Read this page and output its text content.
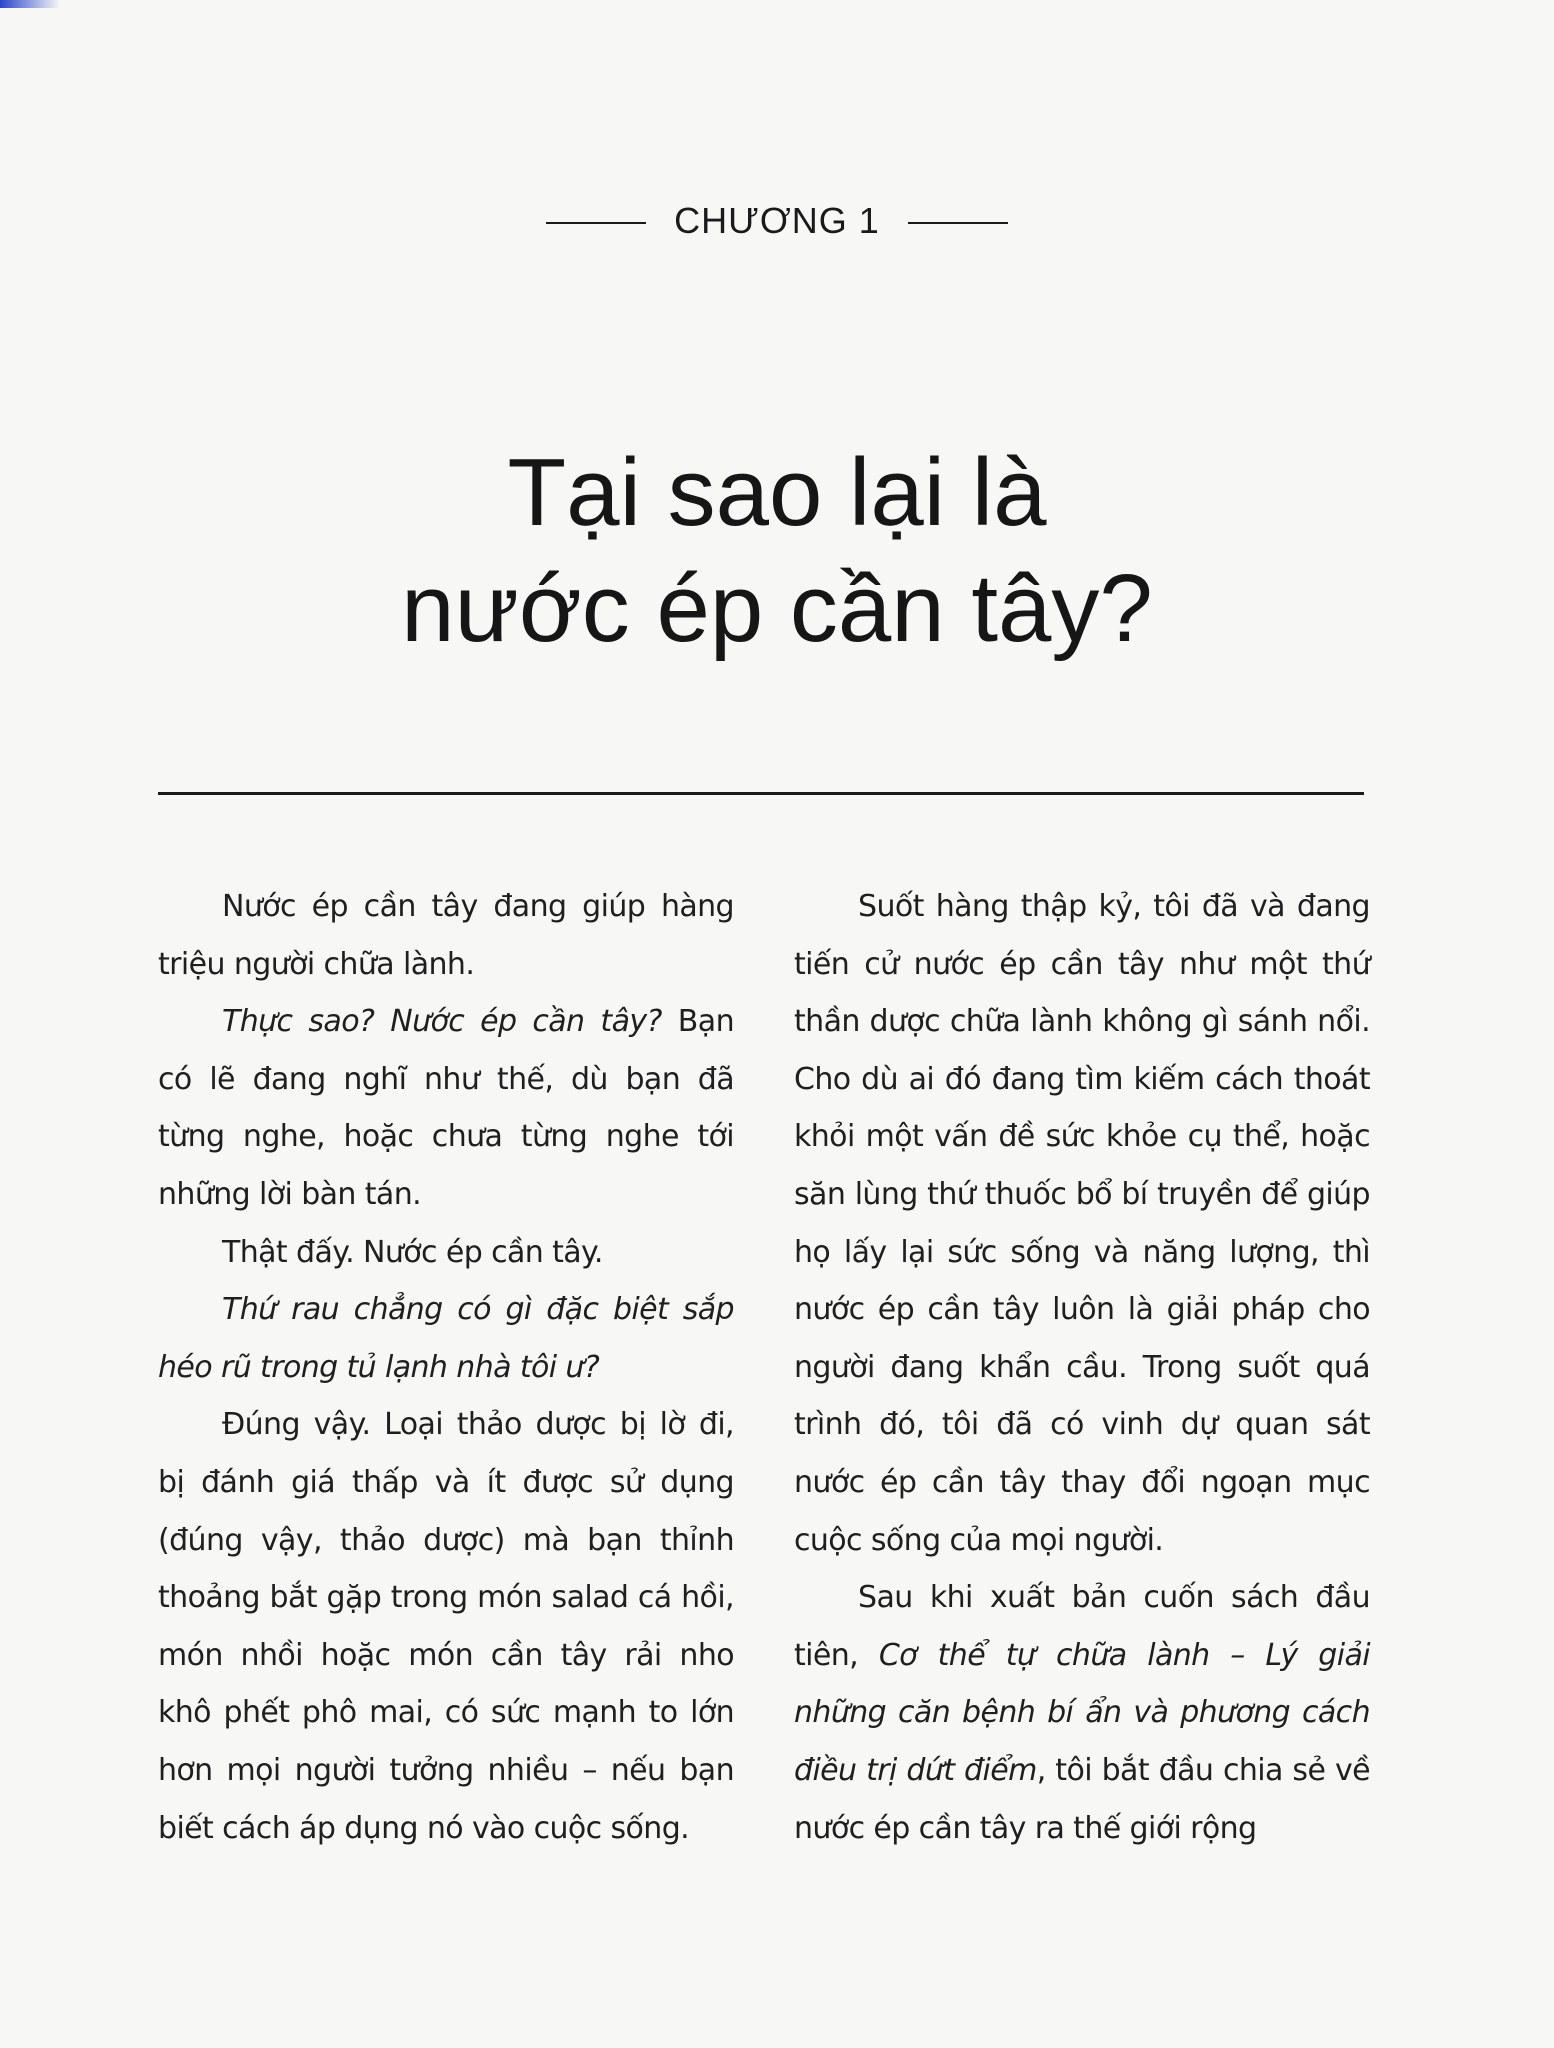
CHƯƠNG 1
Tại sao lại là
nước ép cần tây?

Nước ép cần tây đang giúp hàng triệu người chữa lành.

Thực sao? Nước ép cần tây? Bạn có lẽ đang nghĩ như thế, dù bạn đã từng nghe, hoặc chưa từng nghe tới những lời bàn tán.

Thật đấy. Nước ép cần tây.

Thứ rau chẳng có gì đặc biệt sắp héo rũ trong tủ lạnh nhà tôi ư?

Đúng vậy. Loại thảo dược bị lờ đi, bị đánh giá thấp và ít được sử dụng (đúng vậy, thảo dược) mà bạn thỉnh thoảng bắt gặp trong món salad cá hồi, món nhồi hoặc món cần tây rải nho khô phết phô mai, có sức mạnh to lớn hơn mọi người tưởng nhiều – nếu bạn biết cách áp dụng nó vào cuộc sống.

Suốt hàng thập kỷ, tôi đã và đang tiến cử nước ép cần tây như một thứ thần dược chữa lành không gì sánh nổi. Cho dù ai đó đang tìm kiếm cách thoát khỏi một vấn đề sức khỏe cụ thể, hoặc săn lùng thứ thuốc bổ bí truyền để giúp họ lấy lại sức sống và năng lượng, thì nước ép cần tây luôn là giải pháp cho người đang khẩn cầu. Trong suốt quá trình đó, tôi đã có vinh dự quan sát nước ép cần tây thay đổi ngoạn mục cuộc sống của mọi người.

Sau khi xuất bản cuốn sách đầu tiên, Cơ thể tự chữa lành – Lý giải những căn bệnh bí ẩn và phương cách điều trị dứt điểm, tôi bắt đầu chia sẻ về nước ép cần tây ra thế giới rộng
